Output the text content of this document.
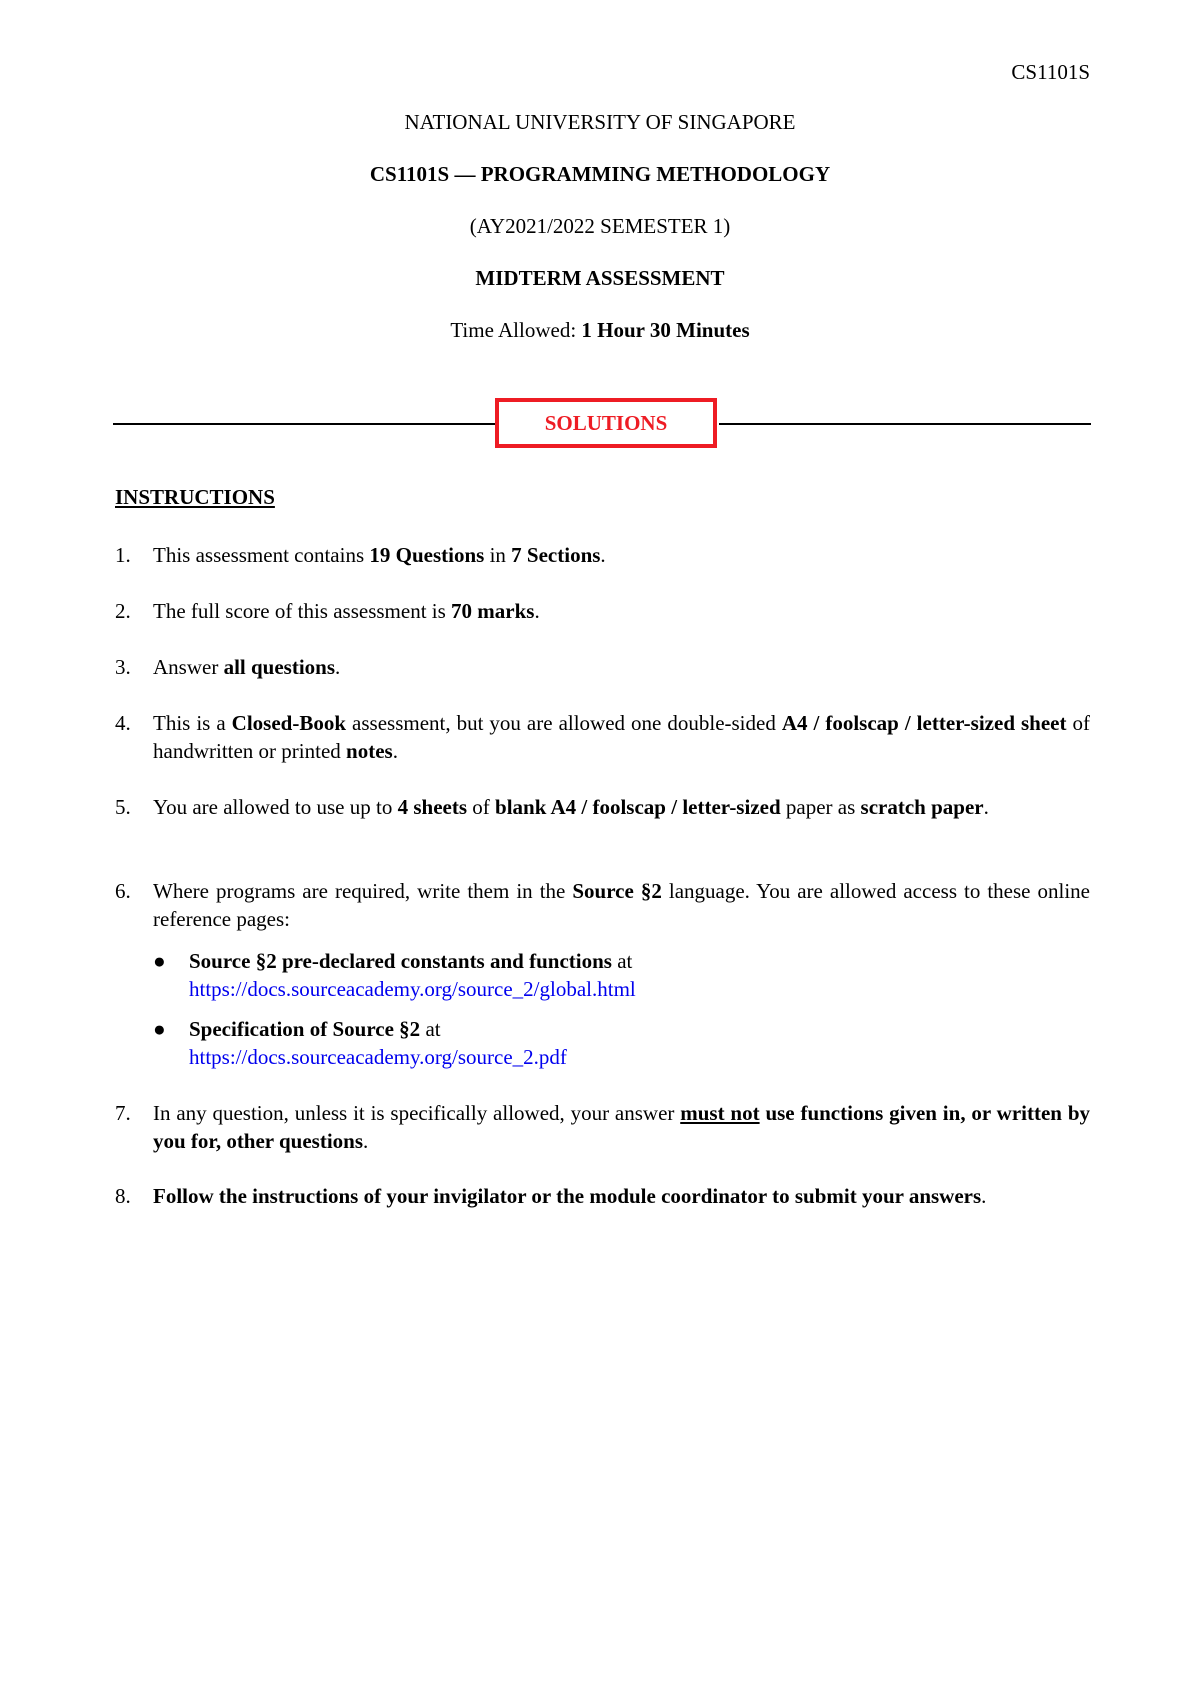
CS1101S
NATIONAL UNIVERSITY OF SINGAPORE
CS1101S — PROGRAMMING METHODOLOGY
(AY2021/2022 SEMESTER 1)
MIDTERM ASSESSMENT
Time Allowed: 1 Hour 30 Minutes
SOLUTIONS
INSTRUCTIONS
1.	This assessment contains 19 Questions in 7 Sections.
2.	The full score of this assessment is 70 marks.
3.	Answer all questions.
4.	This is a Closed-Book assessment, but you are allowed one double-sided A4 / foolscap / letter-sized sheet of handwritten or printed notes.
5.	You are allowed to use up to 4 sheets of blank A4 / foolscap / letter-sized paper as scratch paper.
6.	Where programs are required, write them in the Source §2 language. You are allowed access to these online reference pages:
● Source §2 pre-declared constants and functions at
https://docs.sourceacademy.org/source_2/global.html
● Specification of Source §2 at
https://docs.sourceacademy.org/source_2.pdf
7.	In any question, unless it is specifically allowed, your answer must not use functions given in, or written by you for, other questions.
8.	Follow the instructions of your invigilator or the module coordinator to submit your answers.
